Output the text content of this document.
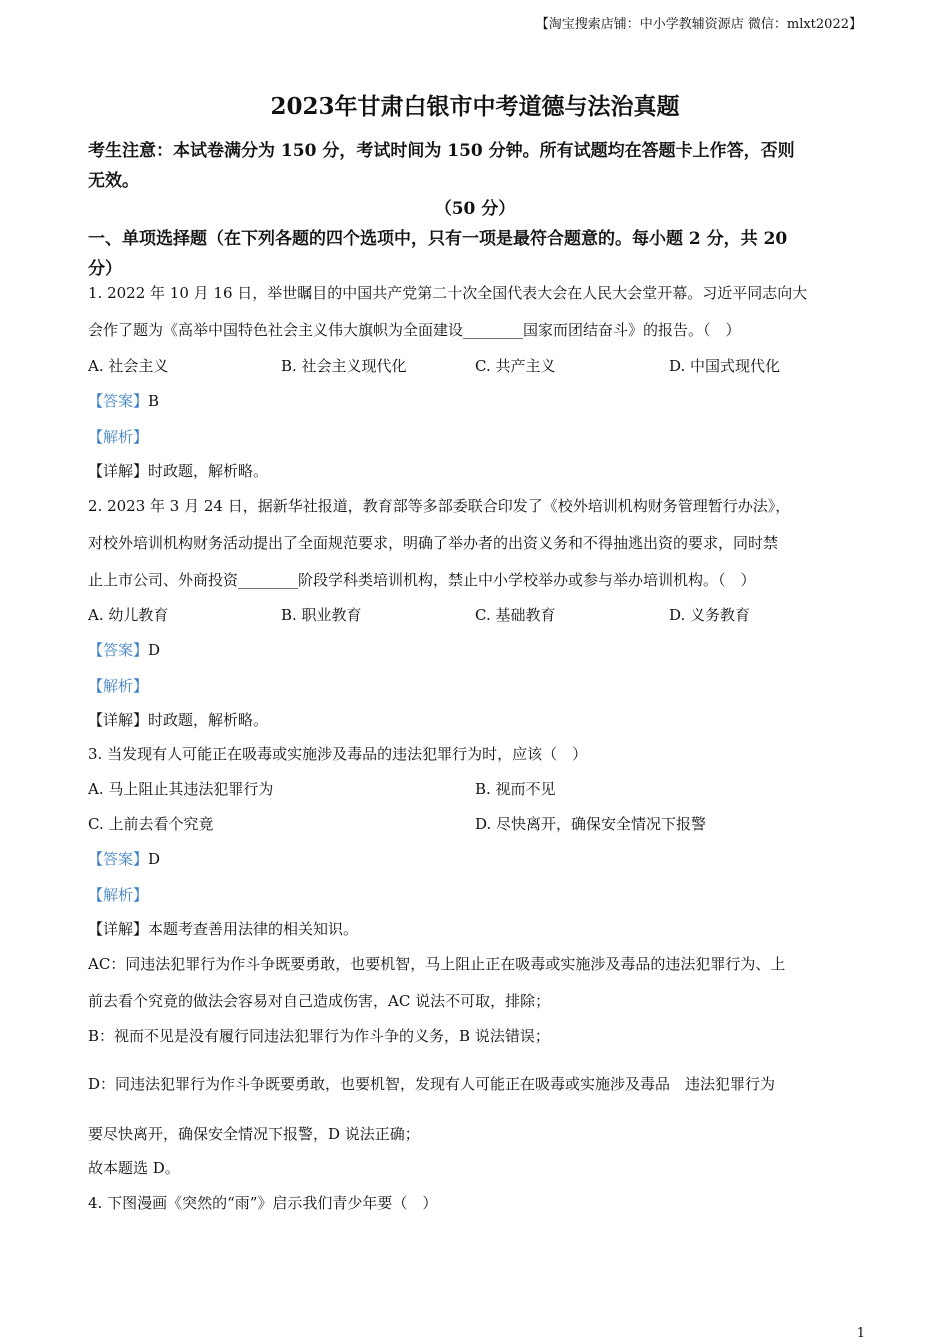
【淘宝搜索店铺：中小学教辅资源店 微信：mlxt2022】
2023年甘肃白银市中考道德与法治真题
考生注意：本试卷满分为 150 分，考试时间为 150 分钟。所有试题均在答题卡上作答，否则
无效。
（50 分）
一、单项选择题（在下列各题的四个选项中，只有一项是最符合题意的。每小题 2 分，共 20
分）
1. 2022 年 10 月 16 日，举世瞩目的中国共产党第二十次全国代表大会在人民大会堂开幕。习近平同志向大
会作了题为《高举中国特色社会主义伟大旗帜为全面建设________国家而团结奋斗》的报告。（　）
A. 社会主义	B. 社会主义现代化	C. 共产主义	D. 中国式现代化
【答案】B
【解析】
【详解】时政题，解析略。
2. 2023 年 3 月 24 日，据新华社报道，教育部等多部委联合印发了《校外培训机构财务管理暂行办法》，
对校外培训机构财务活动提出了全面规范要求，明确了举办者的出资义务和不得抽逃出资的要求，同时禁
止上市公司、外商投资________阶段学科类培训机构，禁止中小学校举办或参与举办培训机构。（　）
A. 幼儿教育	B. 职业教育	C. 基础教育	D. 义务教育
【答案】D
【解析】
【详解】时政题，解析略。
3. 当发现有人可能正在吸毒或实施涉及毒品的违法犯罪行为时，应该（　）
A. 马上阻止其违法犯罪行为	B. 视而不见
C. 上前去看个究竟	D. 尽快离开，确保安全情况下报警
【答案】D
【解析】
【详解】本题考查善用法律的相关知识。
AC：同违法犯罪行为作斗争既要勇敢，也要机智，马上阻止正在吸毒或实施涉及毒品的违法犯罪行为、上
前去看个究竟的做法会容易对自己造成伤害，AC 说法不可取，排除；
B：视而不见是没有履行同违法犯罪行为作斗争的义务，B 说法错误；
D：同违法犯罪行为作斗争既要勇敢，也要机智，发现有人可能正在吸毒或实施涉及毒品　违法犯罪行为
要尽快离开，确保安全情况下报警，D 说法正确；
故本题选 D。
4. 下图漫画《突然的“雨”》启示我们青少年要（　）
1
